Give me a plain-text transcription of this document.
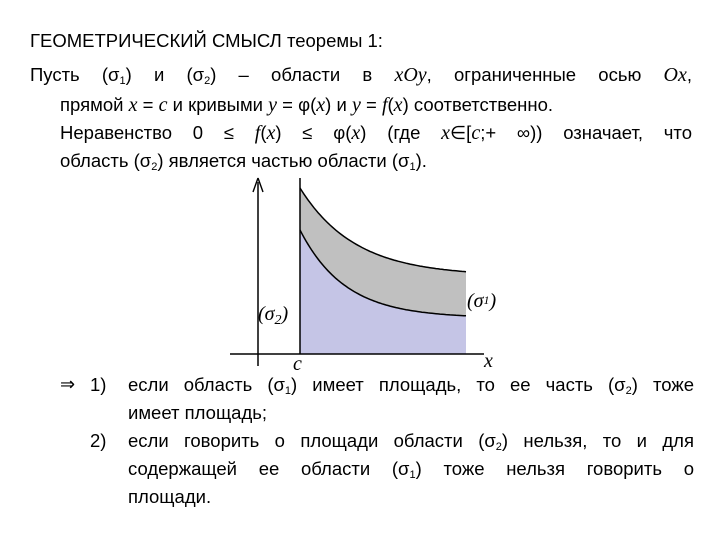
ГЕОМЕТРИЧЕСКИЙ СМЫСЛ теоремы 1:
Пусть $(\sigma_1)$ и $(\sigma_2)$ – области в xOy, ограниченные осью Ox,
прямой x = c и кривыми y = φ(x) и y = f(x) соответственно.
Неравенство 0 ≤ f(x) ≤ φ(x) (где x∈[c;+ ∞)) означает, что
область $(\sigma_2)$ является частью области $(\sigma_1)$.
$(\sigma_2)$
(σ1)
x
c
⇒ 1) если область $(\sigma_1)$ имеет площадь, то ее часть $(\sigma_2)$ тоже
имеет площадь;
2) если говорить о площади области $(\sigma_2)$ нельзя, то и для
содержащей ее области $(\sigma_1)$ тоже нельзя говорить о
площади.
